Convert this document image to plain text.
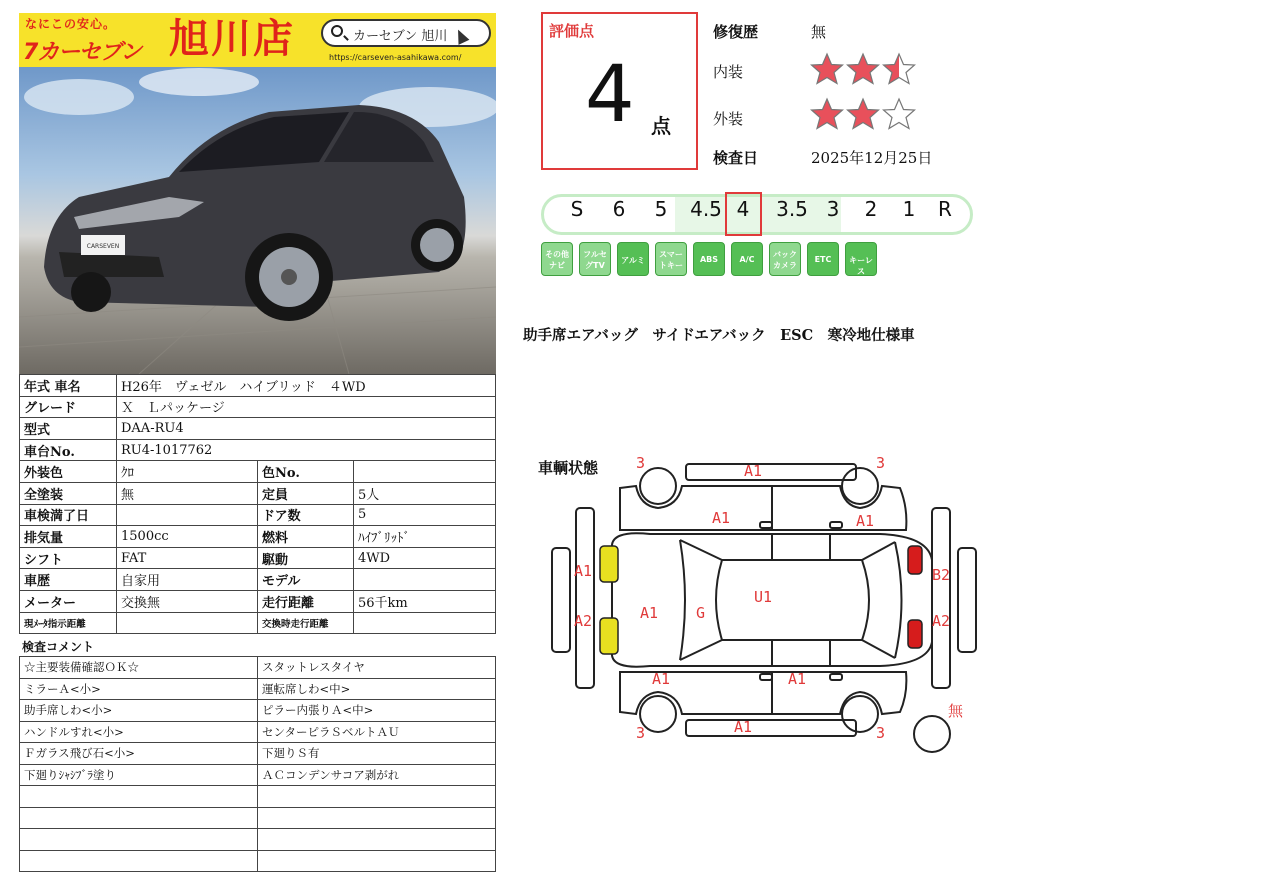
なにこの安心。
7カーセブン 旭川店	カーセブン 旭川
https://carseven-asahikawa.com/
CARSEVEN
年式 車名	H26年　ヴェゼル　ハイブリッド　４WD		
グレード	Ｘ　Ｌパッケージ		
型式	DAA-RU4		
車台No.	RU4-1017762		
外装色	ｸﾛ	色No.	
全塗装	無	定員	5人
車検満了日		ドア数	5
排気量	1500cc	燃料	ﾊｲﾌﾞﾘｯﾄﾞ
シフト	FAT	駆動	4WD
車歴	自家用	モデル	
メーター	交換無	走行距離	56千km
現ﾒｰﾀ指示距離		交換時走行距離	
検査コメント
☆主要装備確認ＯＫ☆	スタットレスタイヤ
ミラーＡ<小>	運転席しわ<中>
助手席しわ<小>	ピラー内張りＡ<中>
ハンドルすれ<小>	センターピラＳベルトＡＵ
Ｆガラス飛び石<小>	下廻りＳ有
下廻りｼｬｼﾌﾞﾗ塗り	ＡＣコンデンサコア剥がれ

評価点
4 点
修復歴	無
内装
外装
検査日	2025年12月25日
S	6	5	4.5 4	3.5 3	2	1	R
その他ナビ
フルセグTV
アルミ
スマートキー
ABS	A/C
バックカメラ
ETC	キーレス
助手席エアバッグ　サイドエアバック　ESC　寒冷地仕様車
車輌状態	A1
3	3
A1	A1
A1
A2	A1	G
U1
B2
A2
A1	A1
A1
3	3
無
